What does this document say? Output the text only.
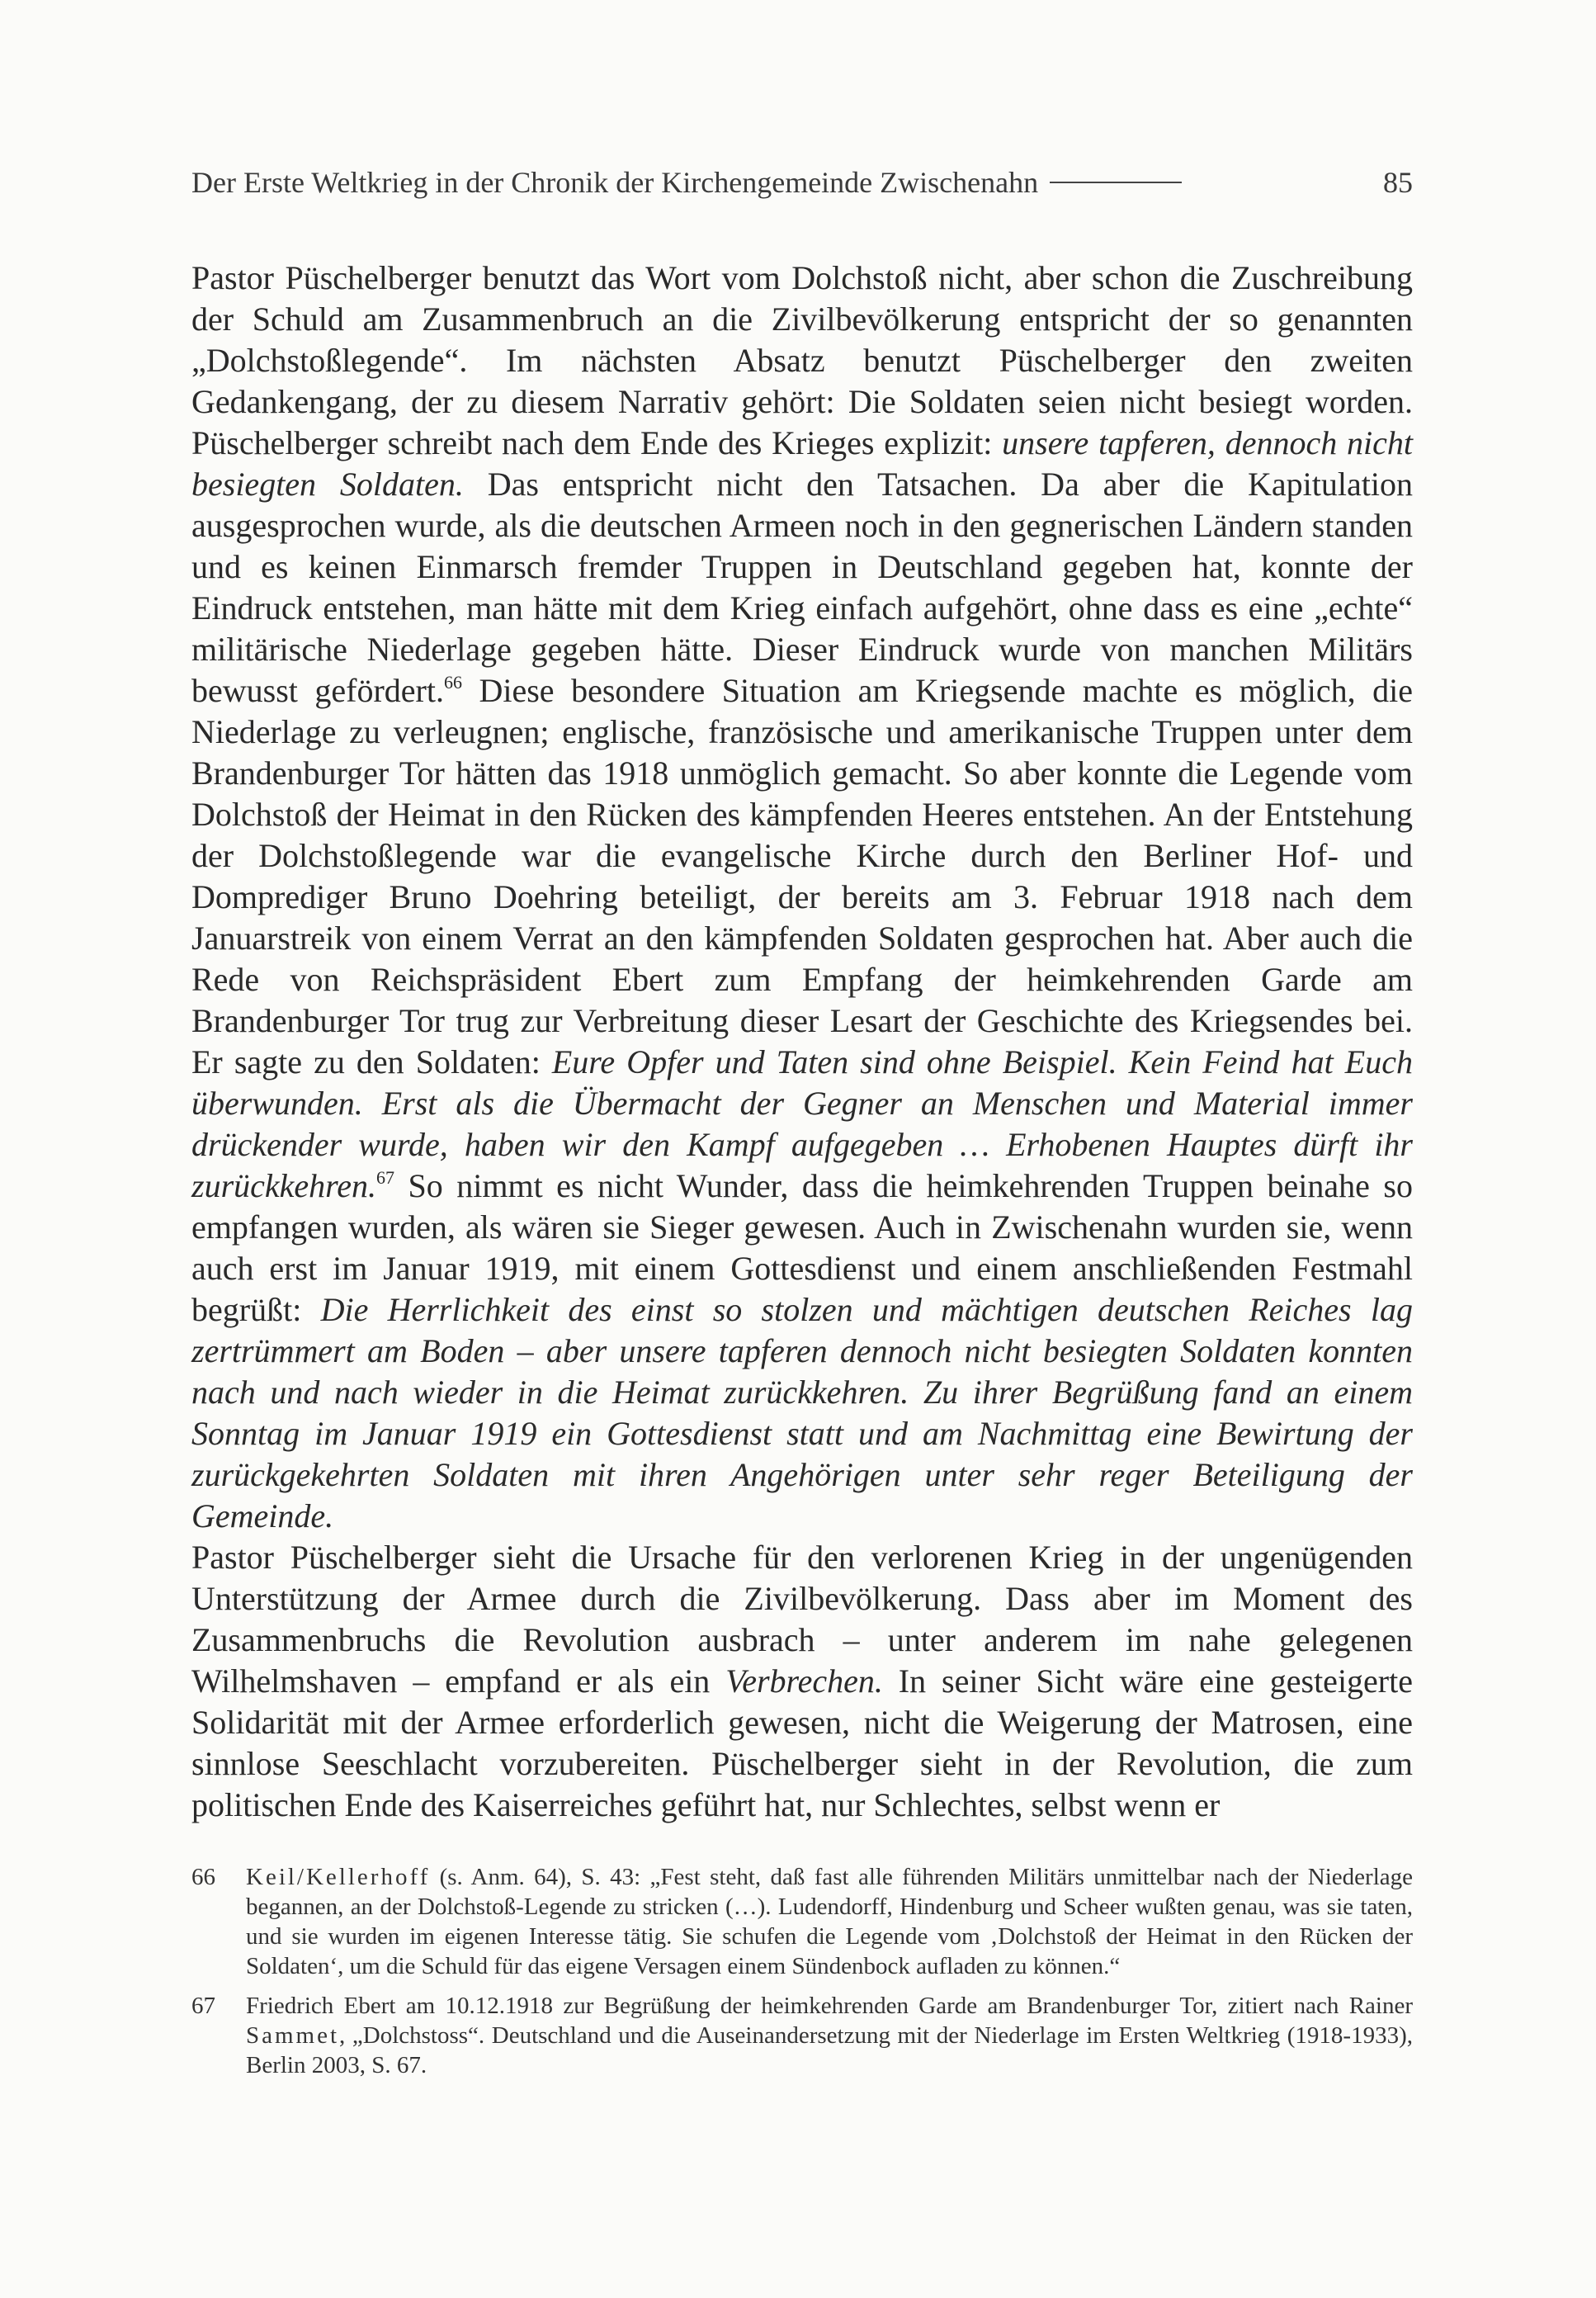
Der Erste Weltkrieg in der Chronik der Kirchengemeinde Zwischenahn	85

Pastor Püschelberger benutzt das Wort vom Dolchstoß nicht, aber schon die Zuschreibung der Schuld am Zusammenbruch an die Zivilbevölkerung entspricht der so genannten „Dolchstoßlegende“. Im nächsten Absatz benutzt Püschelberger den zweiten Gedankengang, der zu diesem Narrativ gehört: Die Soldaten seien nicht besiegt worden. Püschelberger schreibt nach dem Ende des Krieges explizit: unsere tapferen, dennoch nicht besiegten Soldaten. Das entspricht nicht den Tatsachen. Da aber die Kapitulation ausgesprochen wurde, als die deutschen Armeen noch in den gegnerischen Ländern standen und es keinen Einmarsch fremder Truppen in Deutschland gegeben hat, konnte der Eindruck entstehen, man hätte mit dem Krieg einfach aufgehört, ohne dass es eine „echte“ militärische Niederlage gegeben hätte. Dieser Eindruck wurde von manchen Militärs bewusst gefördert.$^{66}$ Diese besondere Situation am Kriegsende machte es möglich, die Niederlage zu verleugnen; englische, französische und amerikanische Truppen unter dem Brandenburger Tor hätten das 1918 unmöglich gemacht. So aber konnte die Legende vom Dolchstoß der Heimat in den Rücken des kämpfenden Heeres entstehen. An der Entstehung der Dolchstoßlegende war die evangelische Kirche durch den Berliner Hof- und Domprediger Bruno Doehring beteiligt, der bereits am 3. Februar 1918 nach dem Januarstreik von einem Verrat an den kämpfenden Soldaten gesprochen hat. Aber auch die Rede von Reichspräsident Ebert zum Empfang der heimkehrenden Garde am Brandenburger Tor trug zur Verbreitung dieser Lesart der Geschichte des Kriegsendes bei. Er sagte zu den Soldaten: Eure Opfer und Taten sind ohne Beispiel. Kein Feind hat Euch überwunden. Erst als die Übermacht der Gegner an Menschen und Material immer drückender wurde, haben wir den Kampf aufgegeben … Erhobenen Hauptes dürft ihr zurückkehren.$^{67}$ So nimmt es nicht Wunder, dass die heimkehrenden Truppen beinahe so empfangen wurden, als wären sie Sieger gewesen. Auch in Zwischenahn wurden sie, wenn auch erst im Januar 1919, mit einem Gottesdienst und einem anschließenden Festmahl begrüßt: Die Herrlichkeit des einst so stolzen und mächtigen deutschen Reiches lag zertrümmert am Boden – aber unsere tapferen dennoch nicht besiegten Soldaten konnten nach und nach wieder in die Heimat zurückkehren. Zu ihrer Begrüßung fand an einem Sonntag im Januar 1919 ein Gottesdienst statt und am Nachmittag eine Bewirtung der zurückgekehrten Soldaten mit ihren Angehörigen unter sehr reger Beteiligung der Gemeinde.

Pastor Püschelberger sieht die Ursache für den verlorenen Krieg in der ungenügenden Unterstützung der Armee durch die Zivilbevölkerung. Dass aber im Moment des Zusammenbruchs die Revolution ausbrach – unter anderem im nahe gelegenen Wilhelmshaven – empfand er als ein Verbrechen. In seiner Sicht wäre eine gesteigerte Solidarität mit der Armee erforderlich gewesen, nicht die Weigerung der Matrosen, eine sinnlose Seeschlacht vorzubereiten. Püschelberger sieht in der Revolution, die zum politischen Ende des Kaiserreiches geführt hat, nur Schlechtes, selbst wenn er

66	Keil/Kellerhoff (s. Anm. 64), S. 43: „Fest steht, daß fast alle führenden Militärs unmittelbar nach der Niederlage begannen, an der Dolchstoß-Legende zu stricken (…). Ludendorff, Hindenburg und Scheer wußten genau, was sie taten, und sie wurden im eigenen Interesse tätig. Sie schufen die Legende vom ‚Dolchstoß der Heimat in den Rücken der Soldaten‘, um die Schuld für das eigene Versagen einem Sündenbock aufladen zu können.“
67	Friedrich Ebert am 10.12.1918 zur Begrüßung der heimkehrenden Garde am Brandenburger Tor, zitiert nach Rainer Sammet, „Dolchstoss“. Deutschland und die Auseinandersetzung mit der Niederlage im Ersten Weltkrieg (1918-1933), Berlin 2003, S. 67.
